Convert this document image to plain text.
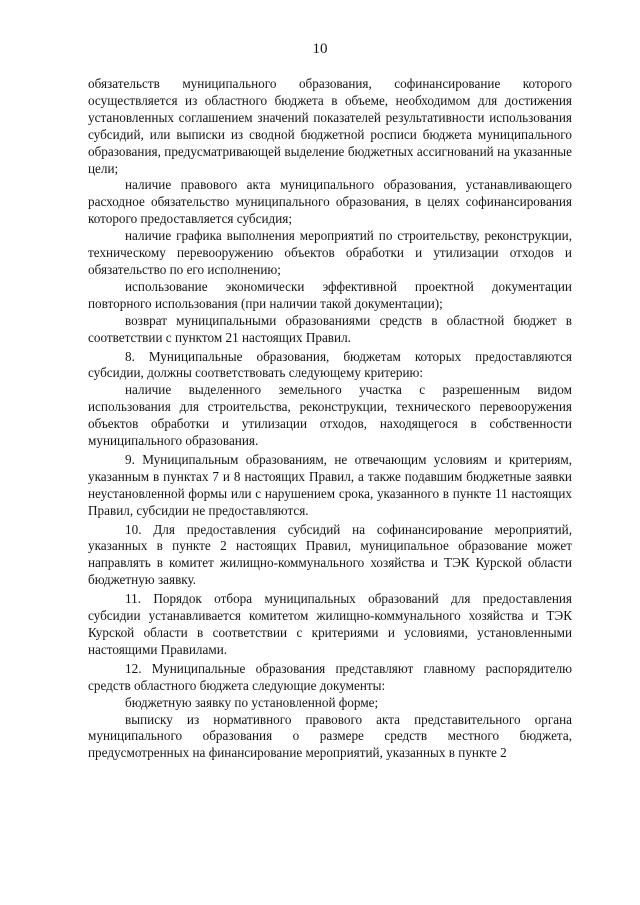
10

обязательств муниципального образования, софинансирование которого осуществляется из областного бюджета в объеме, необходимом для достижения установленных соглашением значений показателей результативности использования субсидий, или выписки из сводной бюджетной росписи бюджета муниципального образования, предусматривающей выделение бюджетных ассигнований на указанные цели;

наличие правового акта муниципального образования, устанавливающего расходное обязательство муниципального образования, в целях софинансирования которого предоставляется субсидия;

наличие графика выполнения мероприятий по строительству, реконструкции, техническому перевооружению объектов обработки и утилизации отходов и обязательство по его исполнению;

использование экономически эффективной проектной документации повторного использования (при наличии такой документации);

возврат муниципальными образованиями средств в областной бюджет в соответствии с пунктом 21 настоящих Правил.

8. Муниципальные образования, бюджетам которых предоставляются субсидии, должны соответствовать следующему критерию:

наличие выделенного земельного участка с разрешенным видом использования для строительства, реконструкции, технического перевооружения объектов обработки и утилизации отходов, находящегося в собственности муниципального образования.

9. Муниципальным образованиям, не отвечающим условиям и критериям, указанным в пунктах 7 и 8 настоящих Правил, а также подавшим бюджетные заявки неустановленной формы или с нарушением срока, указанного в пункте 11 настоящих Правил, субсидии не предоставляются.

10. Для предоставления субсидий на софинансирование мероприятий, указанных в пункте 2 настоящих Правил, муниципальное образование может направлять в комитет жилищно-коммунального хозяйства и ТЭК Курской области бюджетную заявку.

11. Порядок отбора муниципальных образований для предоставления субсидии устанавливается комитетом жилищно-коммунального хозяйства и ТЭК Курской области в соответствии с критериями и условиями, установленными настоящими Правилами.

12. Муниципальные образования представляют главному распорядителю средств областного бюджета следующие документы:

бюджетную заявку по установленной форме;

выписку из нормативного правового акта представительного органа муниципального образования о размере средств местного бюджета, предусмотренных на финансирование мероприятий, указанных в пункте 2
